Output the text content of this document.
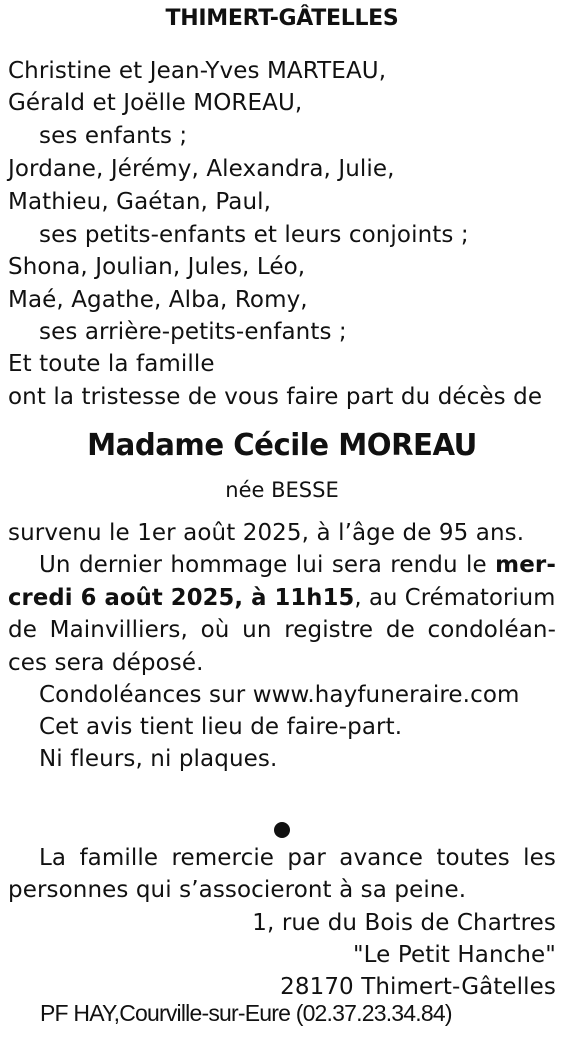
THIMERT-GÂTELLES
Christine et Jean-Yves MARTEAU,
Gérald et Joëlle MOREAU,
ses enfants ;
Jordane, Jérémy, Alexandra, Julie,
Mathieu, Gaétan, Paul,
ses petits-enfants et leurs conjoints ;
Shona, Joulian, Jules, Léo,
Maé, Agathe, Alba, Romy,
ses arrière-petits-enfants ;
Et toute la famille
ont la tristesse de vous faire part du décès de
Madame Cécile MOREAU
née BESSE
survenu le 1er août 2025, à l’âge de 95 ans.
Un dernier hommage lui sera rendu le mer-
credi 6 août 2025, à 11h15, au Crématorium
de Mainvilliers, où un registre de condoléan-
ces sera déposé.
Condoléances sur www.hayfuneraire.com
Cet avis tient lieu de faire-part.
Ni fleurs, ni plaques.
La famille remercie par avance toutes les
personnes qui s’associeront à sa peine.
1, rue du Bois de Chartres
"Le Petit Hanche"
28170 Thimert-Gâtelles
PF HAY,Courville-sur-Eure (02.37.23.34.84)
